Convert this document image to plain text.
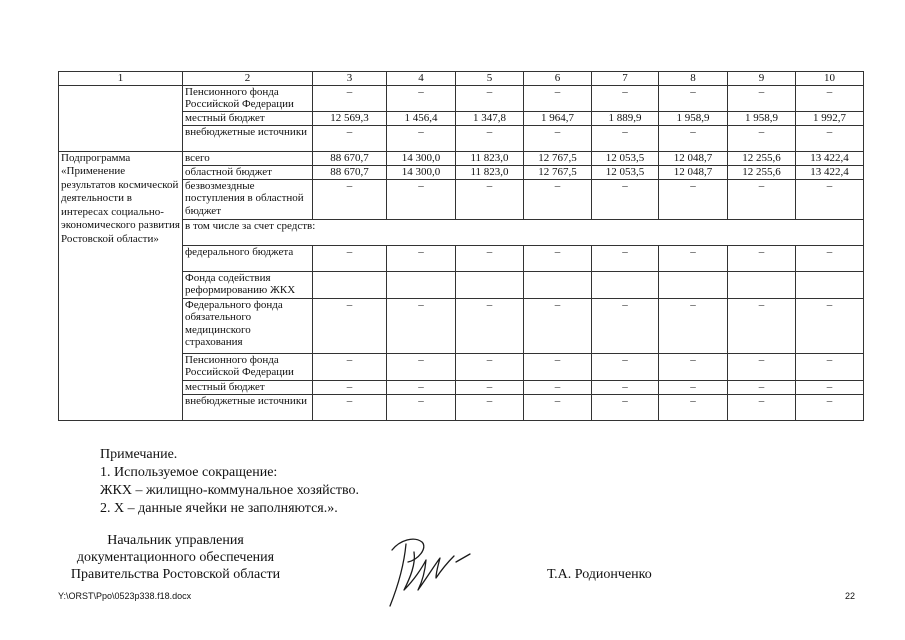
1	2	3	4	5	6	7	8	9	10
	Пенсионного фонда Российской Федерации	–	–	–	–	–	–	–	–
	местный бюджет	12 569,3	1 456,4	1 347,8	1 964,7	1 889,9	1 958,9	1 958,9	1 992,7
	внебюджетные источники	–	–	–	–	–	–	–	–
Подпрограмма «Применение результатов космической деятельности в интересах социально-экономического развития Ростовской области»	всего	88 670,7	14 300,0	11 823,0	12 767,5	12 053,5	12 048,7	12 255,6	13 422,4
	областной бюджет	88 670,7	14 300,0	11 823,0	12 767,5	12 053,5	12 048,7	12 255,6	13 422,4
	безвозмездные поступления в областной бюджет	–	–	–	–	–	–	–	–
	в том числе за счет средств:								
	федерального бюджета	–	–	–	–	–	–	–	–
	Фонда содействия реформированию ЖКХ								
	Федерального фонда обязательного медицинского страхования	–	–	–	–	–	–	–	–
	Пенсионного фонда Российской Федерации	–	–	–	–	–	–	–	–
	местный бюджет	–	–	–	–	–	–	–	–
	внебюджетные источники	–	–	–	–	–	–	–	–
Примечание.
1. Используемое сокращение:
ЖКХ – жилищно-коммунальное хозяйство.
2. Х – данные ячейки не заполняются.».
Начальник управления
документационного обеспечения
Правительства Ростовской области	Т.А. Родионченко
Y:\ORST\Ppo\0523p338.f18.docx	22
